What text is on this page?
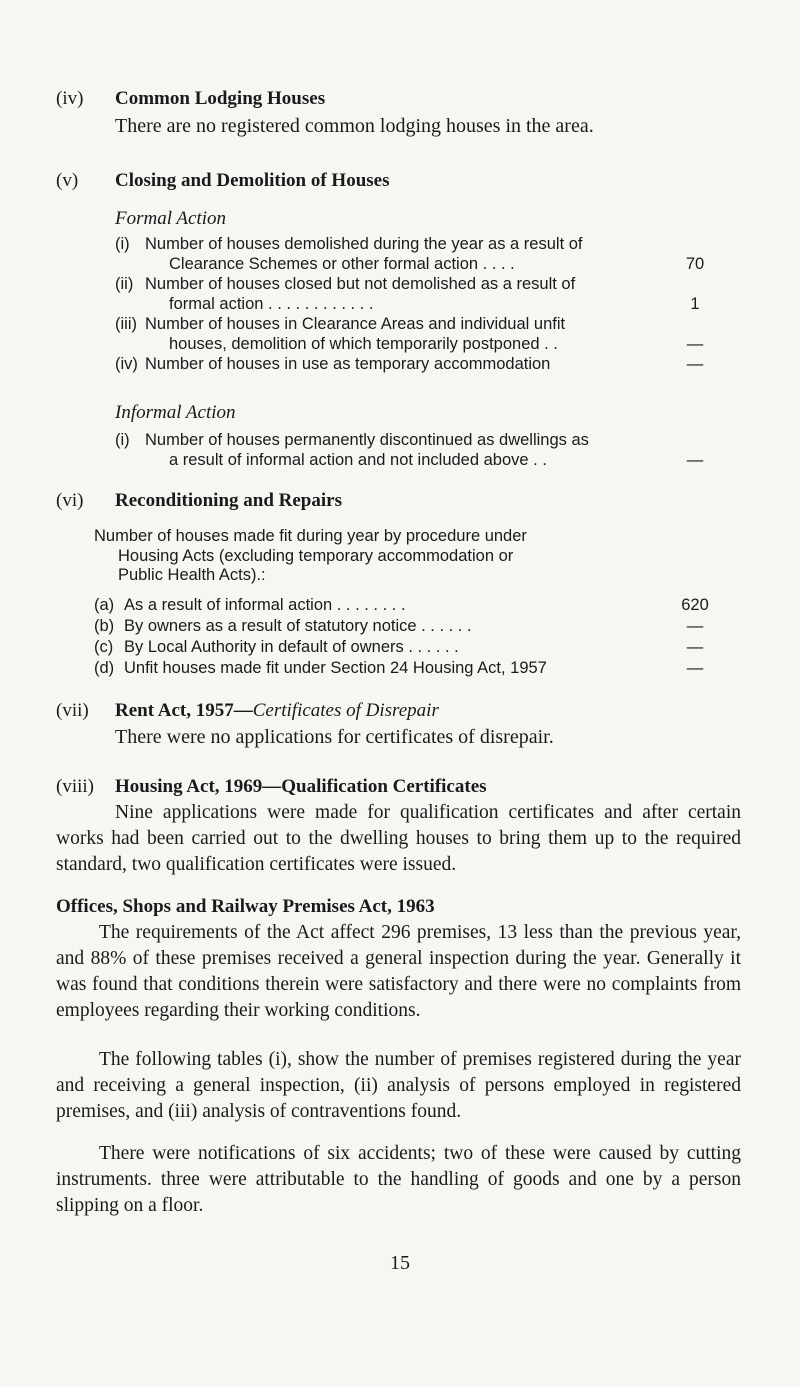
(iv) Common Lodging Houses
There are no registered common lodging houses in the area.
(v) Closing and Demolition of Houses
Formal Action
(i) Number of houses demolished during the year as a result of
Clearance Schemes or other formal action . . . .	70
(ii) Number of houses closed but not demolished as a result of
formal action . . . . . . . . . . . .	1
(iii) Number of houses in Clearance Areas and individual unfit
houses, demolition of which temporarily postponed . .	—
(iv) Number of houses in use as temporary accommodation	—
Informal Action
(i) Number of houses permanently discontinued as dwellings as
a result of informal action and not included above . .	—
(vi) Reconditioning and Repairs
Number of houses made fit during year by procedure under
Housing Acts (excluding temporary accommodation or
Public Health Acts).:
(a) As a result of informal action . . . . . . . .	620
(b) By owners as a result of statutory notice . . . . . .	—
(c) By Local Authority in default of owners . . . . . .	—
(d) Unfit houses made fit under Section 24 Housing Act, 1957	—
(vii) Rent Act, 1957—Certificates of Disrepair
There were no applications for certificates of disrepair.
(viii) Housing Act, 1969—Qualification Certificates
Nine applications were made for qualification certificates and after certain works had been carried out to the dwelling houses to bring them up to the required standard, two qualification certificates were issued.
Offices, Shops and Railway Premises Act, 1963
The requirements of the Act affect 296 premises, 13 less than the previous year, and 88% of these premises received a general inspection during the year. Generally it was found that conditions therein were satisfactory and there were no complaints from employees regarding their working conditions.
The following tables (i), show the number of premises registered during the year and receiving a general inspection, (ii) analysis of persons employed in registered premises, and (iii) analysis of contraventions found.
There were notifications of six accidents; two of these were caused by cutting instruments. three were attributable to the handling of goods and one by a person slipping on a floor.
15
